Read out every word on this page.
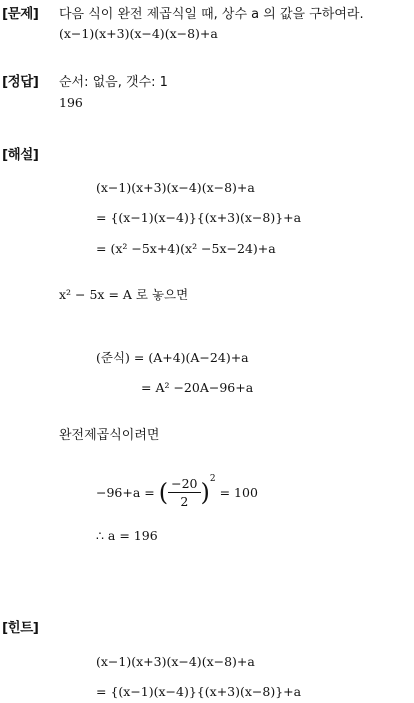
[문제] 다음 식이 완전 제곱식일 때, 상수 a 의 값을 구하여라.
(x−1)(x+3)(x−4)(x−8)+a
[정답] 순서: 없음, 갯수: 1
196
[해설]
(x−1)(x+3)(x−4)(x−8)+a
= {(x−1)(x−4)}{(x+3)(x−8)}+a
= (x² −5x+4)(x² −5x−24)+a
x² − 5x = A 로 놓으면
(준식) = (A+4)(A−24)+a
= A² −20A−96+a
완전제곱식이려면
−96+a = ( $\frac{-20}{2} )^2 = 100$
∴ a = 196
[힌트]
(x−1)(x+3)(x−4)(x−8)+a
= {(x−1)(x−4)}{(x+3)(x−8)}+a
